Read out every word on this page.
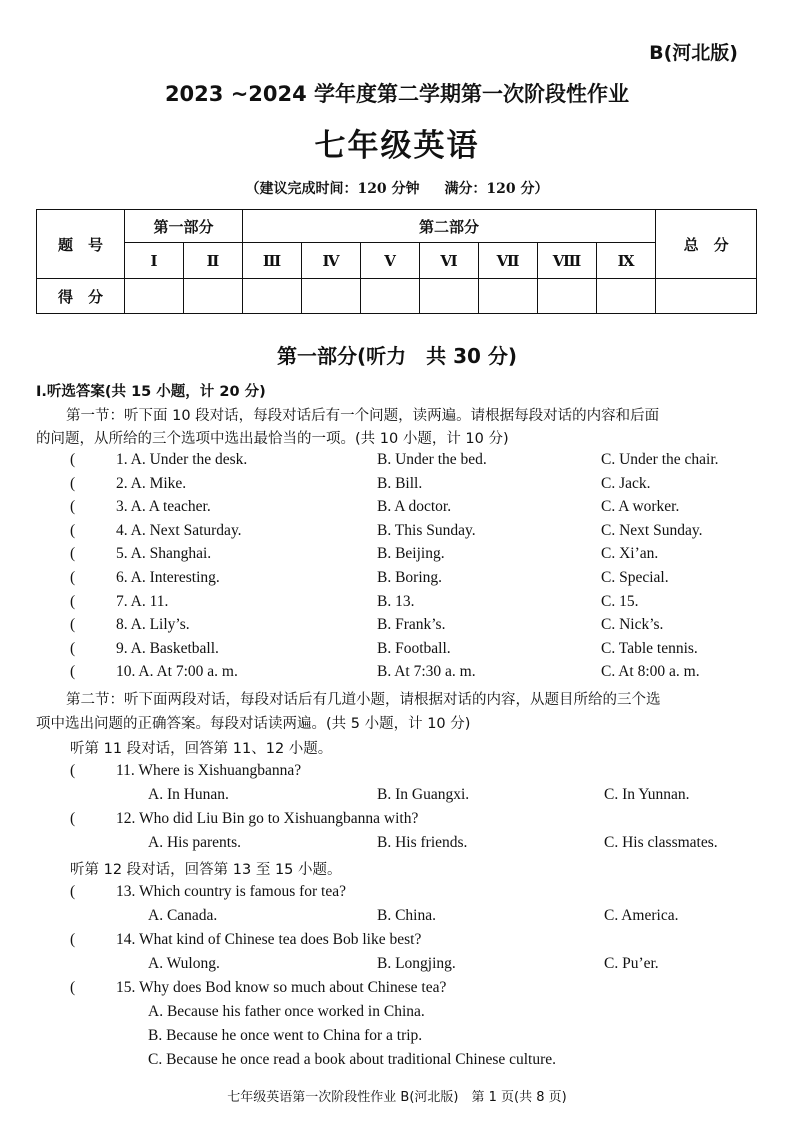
B(河北版)
2023 ~2024 学年度第二学期第一次阶段性作业
七年级英语
（建议完成时间：120 分钟 满分：120 分）
题　号	第一部分		第二部分							总　分
	Ⅰ	Ⅱ	Ⅲ	Ⅳ	Ⅴ	Ⅵ	Ⅶ	Ⅷ	Ⅸ	
得　分										
第一部分(听力　共 30 分)
Ⅰ.听选答案(共 15 小题，计 20 分)
第一节：听下面 10 段对话，每段对话后有一个问题，读两遍。请根据每段对话的内容和后面
的问题，从所给的三个选项中选出最恰当的一项。(共 10 小题，计 10 分)
(	1. A. Under the desk.	B. Under the bed.	C. Under the chair.
(	2. A. Mike.	B. Bill.	C. Jack.
(	3. A. A teacher.	B. A doctor.	C. A worker.
(	4. A. Next Saturday.	B. This Sunday.	C. Next Sunday.
(	5. A. Shanghai.	B. Beijing.	C. Xi’an.
(	6. A. Interesting.	B. Boring.	C. Special.
(	7. A. 11.	B. 13.	C. 15.
(	8. A. Lily’s.	B. Frank’s.	C. Nick’s.
(	9. A. Basketball.	B. Football.	C. Table tennis.
(	10. A. At 7:00 a. m.	B. At 7:30 a. m.	C. At 8:00 a. m.
第二节：听下面两段对话，每段对话后有几道小题，请根据对话的内容，从题目所给的三个选
项中选出问题的正确答案。每段对话读两遍。(共 5 小题，计 10 分)
听第 11 段对话，回答第 11、12 小题。
(	11. Where is Xishuangbanna?
A. In Hunan.	B. In Guangxi.	C. In Yunnan.
(	12. Who did Liu Bin go to Xishuangbanna with?
A. His parents.	B. His friends.	C. His classmates.
听第 12 段对话，回答第 13 至 15 小题。
(	13. Which country is famous for tea?
A. Canada.	B. China.	C. America.
(	14. What kind of Chinese tea does Bob like best?
A. Wulong.	B. Longjing.	C. Pu’er.
(	15. Why does Bod know so much about Chinese tea?
A. Because his father once worked in China.
B. Because he once went to China for a trip.
C. Because he once read a book about traditional Chinese culture.
七年级英语第一次阶段性作业 B(河北版)　第 1 页(共 8 页)
